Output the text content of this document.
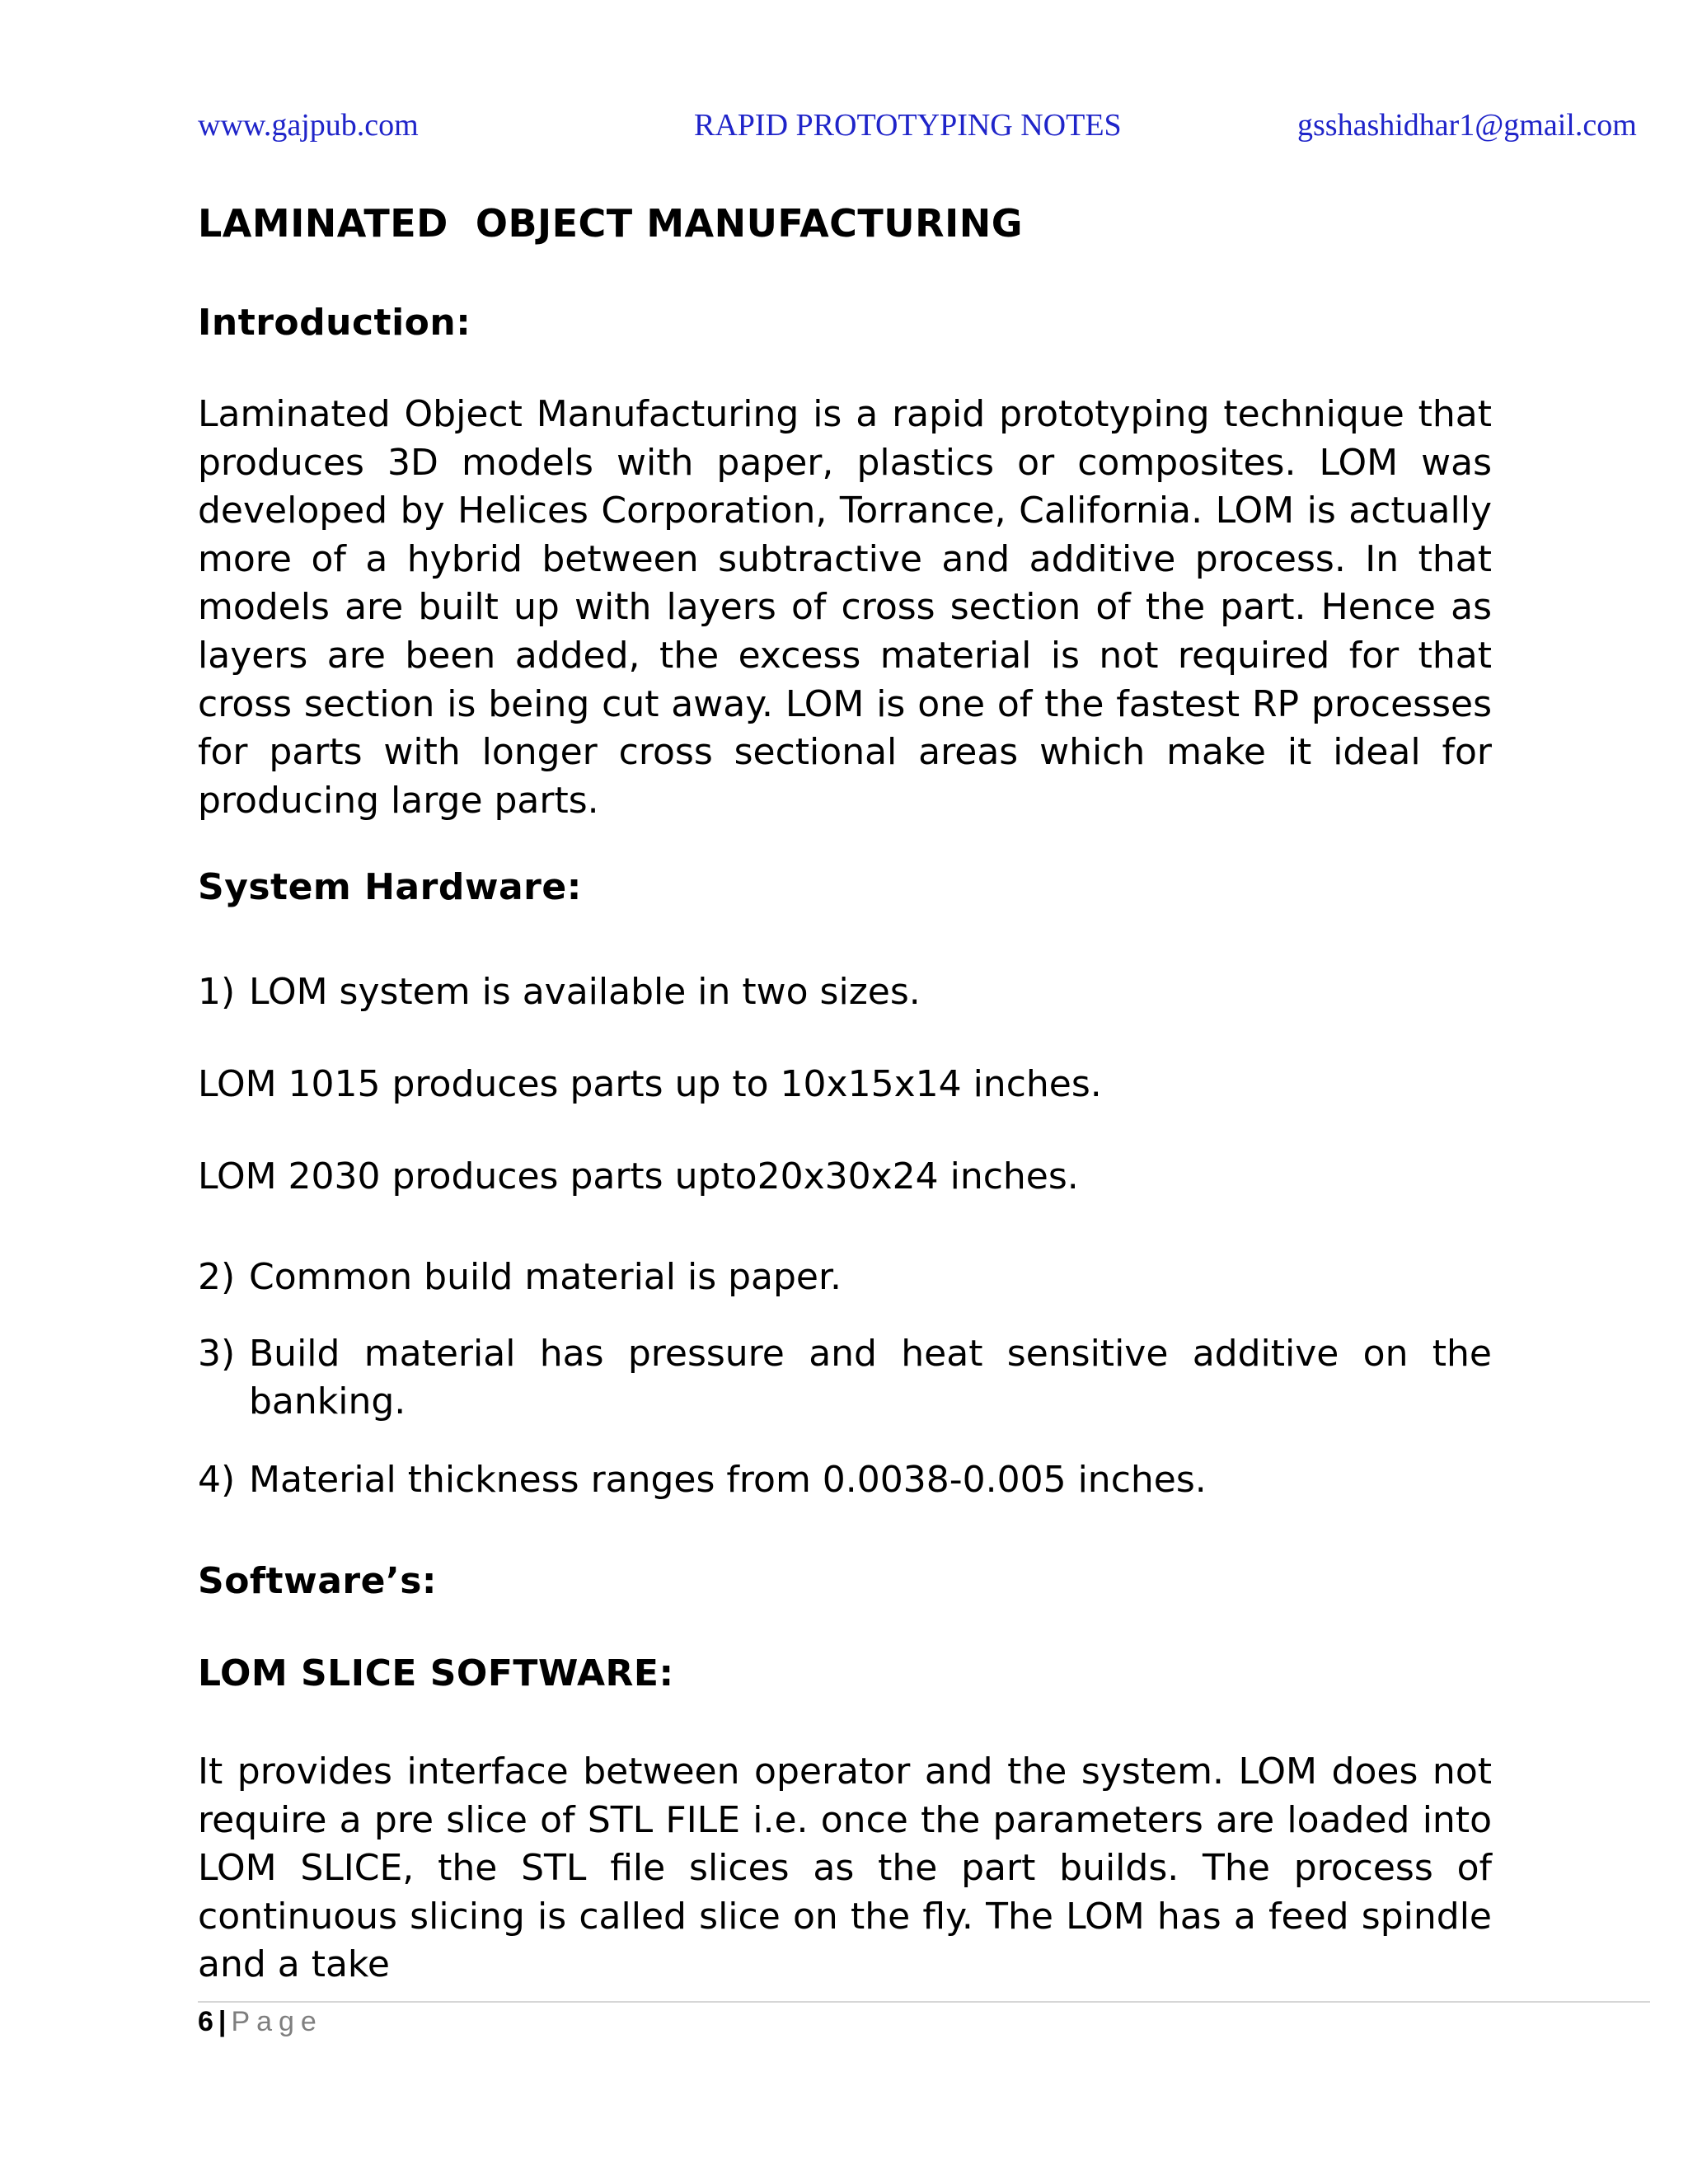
www.gajpub.com	RAPID PROTOTYPING NOTES	gsshashidhar1@gmail.com
LAMINATED  OBJECT MANUFACTURING
Introduction:

Laminated Object Manufacturing is a rapid prototyping technique that produces 3D models with paper, plastics or composites. LOM was developed by Helices Corporation, Torrance, California. LOM is actually more of a hybrid between subtractive and additive process. In that models are built up with layers of cross section of the part. Hence as layers are been added, the excess material is not required for that cross section is being cut away. LOM is one of the fastest RP processes for parts with longer cross sectional areas which make it ideal for producing large parts.

System Hardware:
1) LOM system is available in two sizes.
LOM 1015 produces parts up to 10x15x14 inches.
LOM 2030 produces parts upto20x30x24 inches.
2) Common build material is paper.
3) Build material has pressure and heat sensitive additive on the banking.
4) Material thickness ranges from 0.0038-0.005 inches.
Software’s:
LOM SLICE SOFTWARE:

It provides interface between operator and the system. LOM does not require a pre slice of STL FILE i.e. once the parameters are loaded into LOM SLICE, the STL file slices as the part builds. The process of continuous slicing is called slice on the fly. The LOM has a feed spindle and a take

6 | Page
